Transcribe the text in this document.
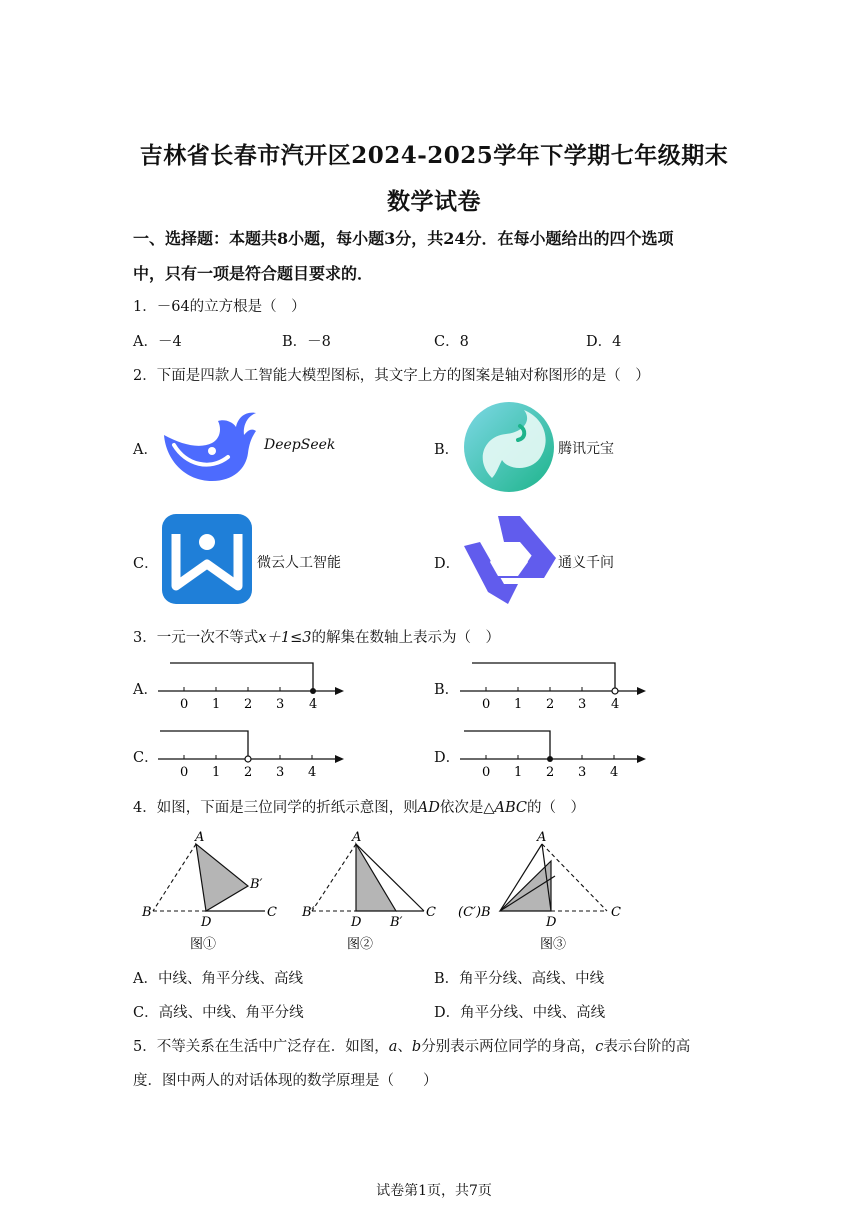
吉林省长春市汽开区2024-2025学年下学期七年级期末
数学试卷
一、选择题：本题共8小题，每小题3分，共24分．在每小题给出的四个选项
中，只有一项是符合题目要求的．
1．－64的立方根是（　）
A．－4	B．－8	C．8	D．4
2．下面是四款人工智能大模型图标，其文字上方的图案是轴对称图形的是（　）
A．	DeepSeek	B．	腾讯元宝
C．	微云人工智能	D．	通义千问
3．一元一次不等式x＋1≤3的解集在数轴上表示为（　）
A．	B．
C．	D．
0 1 2 3 4	0 1 2 3 4
0 1 2 3 4	0 1 2 3 4
4．如图，下面是三位同学的折纸示意图，则AD依次是△ABC的（　）
A
B
D
B′
C
图①
A
B′
D B′
C
图②
A
(C′)B
D
C
图③
A．中线、角平分线、高线	B．角平分线、高线、中线
C．高线、中线、角平分线	D．角平分线、中线、高线
5．不等关系在生活中广泛存在．如图，a、b分别表示两位同学的身高，c表示台阶的高
度．图中两人的对话体现的数学原理是（　　）
试卷第1页，共7页
